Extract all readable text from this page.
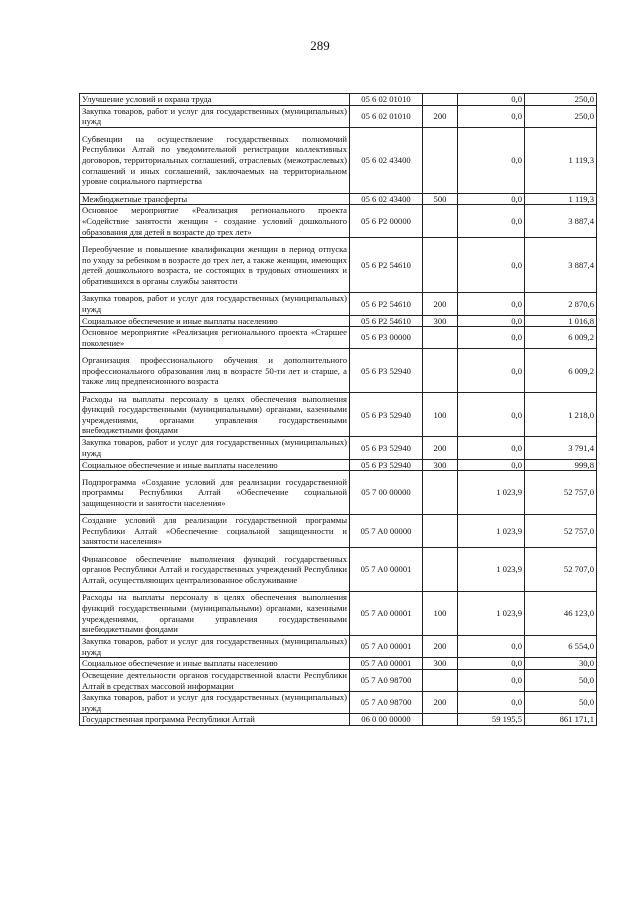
289
Улучшение условий и охрана труда	05 6 02 01010		0,0	250,0
Закупка товаров, работ и услуг для государственных (муниципальных) нужд	05 6 02 01010	200	0,0	250,0
Субвенции на осуществление государственных полномочий Республики Алтай по уведомительной регистрации коллективных договоров, территориальных соглашений, отраслевых (межотраслевых) соглашений и иных соглашений, заключаемых на территориальном уровне социального партнерства	05 6 02 43400		0,0	1 119,3
Межбюджетные трансферты	05 6 02 43400	500	0,0	1 119,3
Основное мероприятие «Реализация регионального проекта «Содействие занятости женщин - создание условий дошкольного образования для детей в возрасте до трех лет»	05 6 P2 00000		0,0	3 887,4
Переобучение и повышение квалификации женщин в период отпуска по уходу за ребенком в возрасте до трех лет, а также женщин, имеющих детей дошкольного возраста, не состоящих в трудовых отношениях и обратившихся в органы службы занятости	05 6 P2 54610		0,0	3 887,4
Закупка товаров, работ и услуг для государственных (муниципальных) нужд	05 6 P2 54610	200	0,0	2 870,6
Социальное обеспечение и иные выплаты населению	05 6 P2 54610	300	0,0	1 016,8
Основное мероприятие «Реализация регионального проекта «Старшее поколение»	05 6 P3 00000		0,0	6 009,2
Организация профессионального обучения и дополнительного профессионального образования лиц в возрасте 50-ти лет и старше, а также лиц предпенсионного возраста	05 6 P3 52940		0,0	6 009,2
Расходы на выплаты персоналу в целях обеспечения выполнения функций государственными (муниципальными) органами, казенными учреждениями, органами управления государственными внебюджетными фондами	05 6 P3 52940	100	0,0	1 218,0
Закупка товаров, работ и услуг для государственных (муниципальных) нужд	05 6 P3 52940	200	0,0	3 791,4
Социальное обеспечение и иные выплаты населению	05 6 P3 52940	300	0,0	999,8
Подпрограмма «Создание условий для реализации государственной программы Республики Алтай «Обеспечение социальной защищенности и занятости населения»	05 7 00 00000		1 023,9	52 757,0
Создание условий для реализации государственной программы Республики Алтай «Обеспечение социальной защищенности и занятости населения»	05 7 A0 00000		1 023,9	52 757,0
Финансовое обеспечение выполнения функций государственных органов Республики Алтай и государственных учреждений Республики Алтай, осуществляющих централизованное обслуживание	05 7 A0 00001		1 023,9	52 707,0
Расходы на выплаты персоналу в целях обеспечения выполнения функций государственными (муниципальными) органами, казенными учреждениями, органами управления государственными внебюджетными фондами	05 7 A0 00001	100	1 023,9	46 123,0
Закупка товаров, работ и услуг для государственных (муниципальных) нужд	05 7 A0 00001	200	0,0	6 554,0
Социальное обеспечение и иные выплаты населению	05 7 A0 00001	300	0,0	30,0
Освещение деятельности органов государственной власти Республики Алтай в средствах массовой информации	05 7 A0 98700		0,0	50,0
Закупка товаров, работ и услуг для государственных (муниципальных) нужд	05 7 A0 98700	200	0,0	50,0
Государственная программа Республики Алтай	06 0 00 00000		59 195,5	861 171,1
